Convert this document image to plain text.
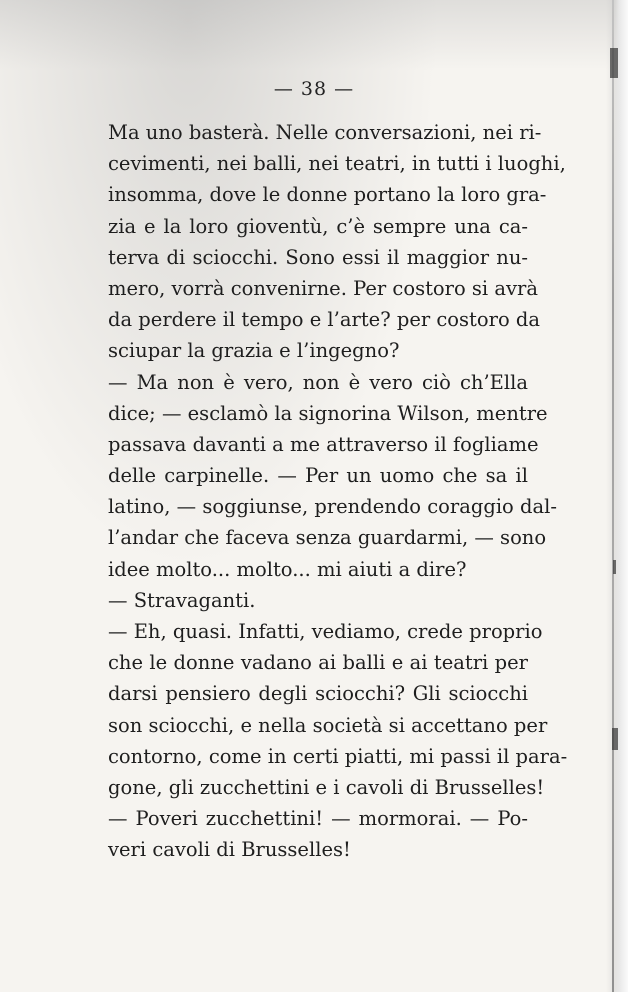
— 38 —
Ma uno basterà. Nelle conversazioni, nei ri-
cevimenti, nei balli, nei teatri, in tutti i luoghi,
insomma, dove le donne portano la loro gra-
zia e la loro gioventù, c’è sempre una ca-
terva di sciocchi. Sono essi il maggior nu-
mero, vorrà convenirne. Per costoro si avrà
da perdere il tempo e l’arte? per costoro da
sciupar la grazia e l’ingegno?
— Ma non è vero, non è vero ciò ch’Ella
dice; — esclamò la signorina Wilson, mentre
passava davanti a me attraverso il fogliame
delle carpinelle. — Per un uomo che sa il
latino, — soggiunse, prendendo coraggio dal-
l’andar che faceva senza guardarmi, — sono
idee molto... molto... mi aiuti a dire?
— Stravaganti.
— Eh, quasi. Infatti, vediamo, crede proprio
che le donne vadano ai balli e ai teatri per
darsi pensiero degli sciocchi? Gli sciocchi
son sciocchi, e nella società si accettano per
contorno, come in certi piatti, mi passi il para-
gone, gli zucchettini e i cavoli di Brusselles!
— Poveri zucchettini! — mormorai. — Po-
veri cavoli di Brusselles!
